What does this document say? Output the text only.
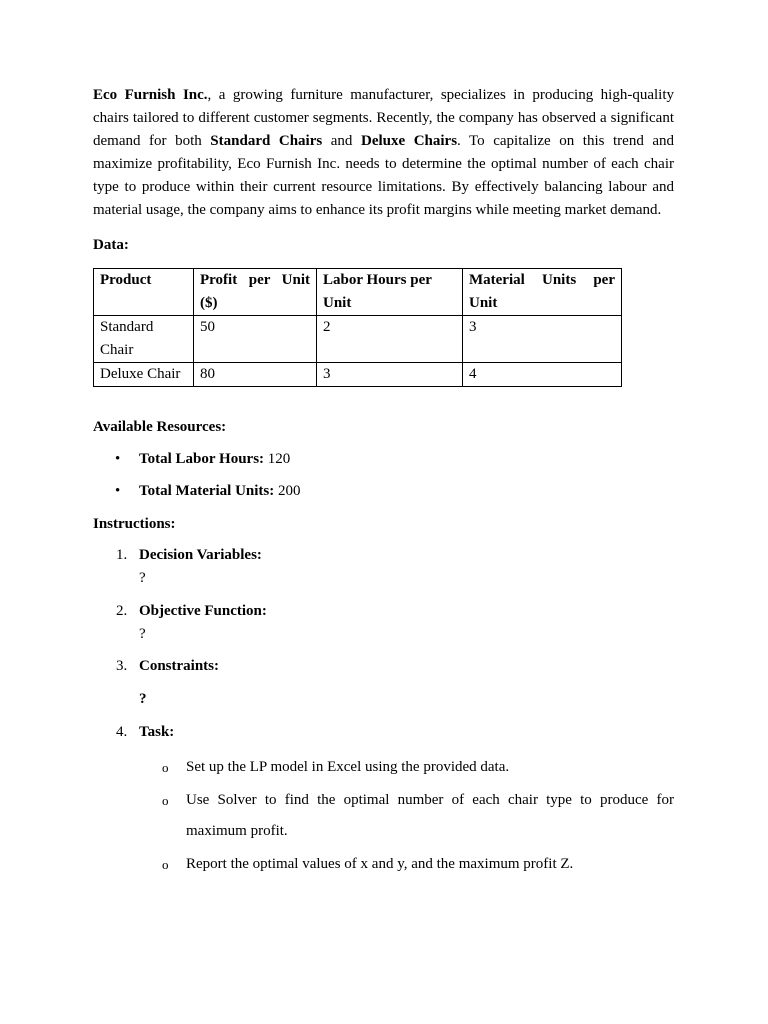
Eco Furnish Inc., a growing furniture manufacturer, specializes in producing high-quality chairs tailored to different customer segments. Recently, the company has observed a significant demand for both Standard Chairs and Deluxe Chairs. To capitalize on this trend and maximize profitability, Eco Furnish Inc. needs to determine the optimal number of each chair type to produce within their current resource limitations. By effectively balancing labour and material usage, the company aims to enhance its profit margins while meeting market demand.

Data:

Product	Profit per Unit ($)	Labor Hours per Unit	Material Units per Unit

Standard Chair	50	2	3
Deluxe Chair	80	3	4

Available Resources:

• Total Labor Hours: 120
• Total Material Units: 200

Instructions:

1. Decision Variables:
?
2. Objective Function:
?
3. Constraints:
?
4. Task:
o Set up the LP model in Excel using the provided data.
o Use Solver to find the optimal number of each chair type to produce for maximum profit.
o Report the optimal values of x and y, and the maximum profit Z.
